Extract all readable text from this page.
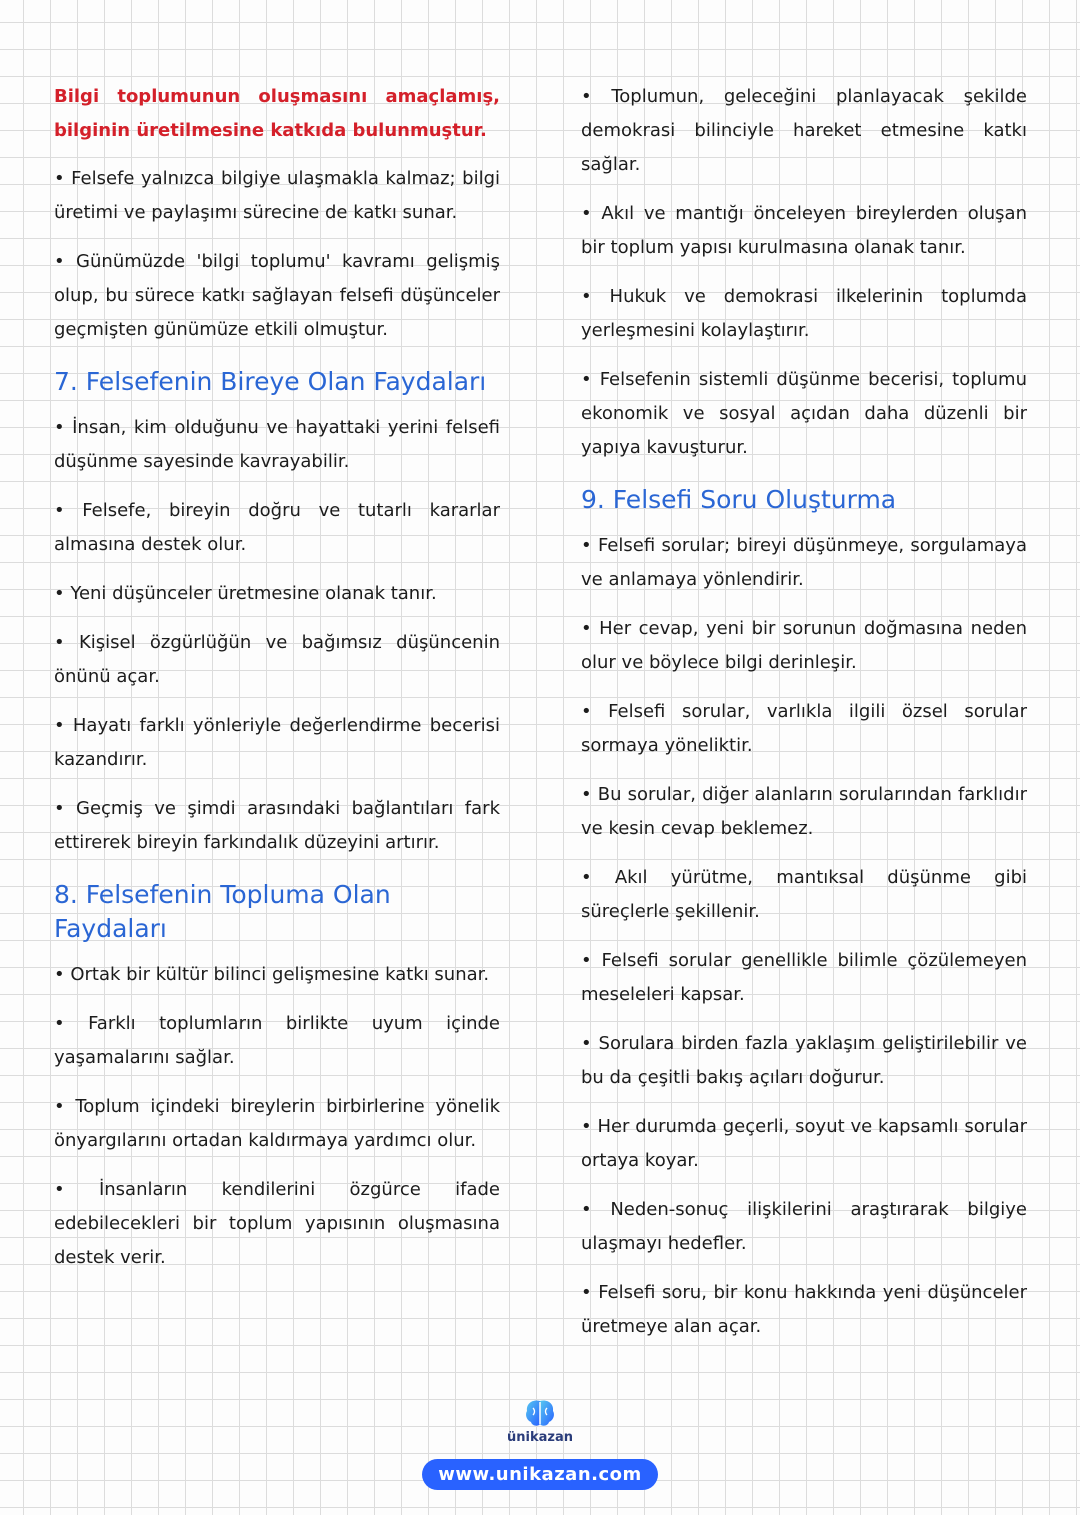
Bilgi toplumunun oluşmasını amaçlamış, bilginin üretilmesine katkıda bulunmuştur.

• Felsefe yalnızca bilgiye ulaşmakla kalmaz; bilgi üretimi ve paylaşımı sürecine de katkı sunar.

• Günümüzde 'bilgi toplumu' kavramı gelişmiş olup, bu sürece katkı sağlayan felsefi düşünceler geçmişten günümüze etkili olmuştur.

7. Felsefenin Bireye Olan Faydaları

• İnsan, kim olduğunu ve hayattaki yerini felsefi düşünme sayesinde kavrayabilir.

• Felsefe, bireyin doğru ve tutarlı kararlar almasına destek olur.

• Yeni düşünceler üretmesine olanak tanır.

• Kişisel özgürlüğün ve bağımsız düşüncenin önünü açar.

• Hayatı farklı yönleriyle değerlendirme becerisi kazandırır.

• Geçmiş ve şimdi arasındaki bağlantıları fark ettirerek bireyin farkındalık düzeyini artırır.

8. Felsefenin Topluma Olan Faydaları

• Ortak bir kültür bilinci gelişmesine katkı sunar.

• Farklı toplumların birlikte uyum içinde yaşamalarını sağlar.

• Toplum içindeki bireylerin birbirlerine yönelik önyargılarını ortadan kaldırmaya yardımcı olur.

• İnsanların kendilerini özgürce ifade edebilecekleri bir toplum yapısının oluşmasına destek verir.

• Toplumun, geleceğini planlayacak şekilde demokrasi bilinciyle hareket etmesine katkı sağlar.

• Akıl ve mantığı önceleyen bireylerden oluşan bir toplum yapısı kurulmasına olanak tanır.

• Hukuk ve demokrasi ilkelerinin toplumda yerleşmesini kolaylaştırır.

• Felsefenin sistemli düşünme becerisi, toplumu ekonomik ve sosyal açıdan daha düzenli bir yapıya kavuşturur.

9. Felsefi Soru Oluşturma

• Felsefi sorular; bireyi düşünmeye, sorgulamaya ve anlamaya yönlendirir.

• Her cevap, yeni bir sorunun doğmasına neden olur ve böylece bilgi derinleşir.

• Felsefi sorular, varlıkla ilgili özsel sorular sormaya yöneliktir.

• Bu sorular, diğer alanların sorularından farklıdır ve kesin cevap beklemez.

• Akıl yürütme, mantıksal düşünme gibi süreçlerle şekillenir.

• Felsefi sorular genellikle bilimle çözülemeyen meseleleri kapsar.

• Sorulara birden fazla yaklaşım geliştirilebilir ve bu da çeşitli bakış açıları doğurur.

• Her durumda geçerli, soyut ve kapsamlı sorular ortaya koyar.

• Neden-sonuç ilişkilerini araştırarak bilgiye ulaşmayı hedefler.

• Felsefi soru, bir konu hakkında yeni düşünceler üretmeye alan açar.

ünikazan
www.unikazan.com
